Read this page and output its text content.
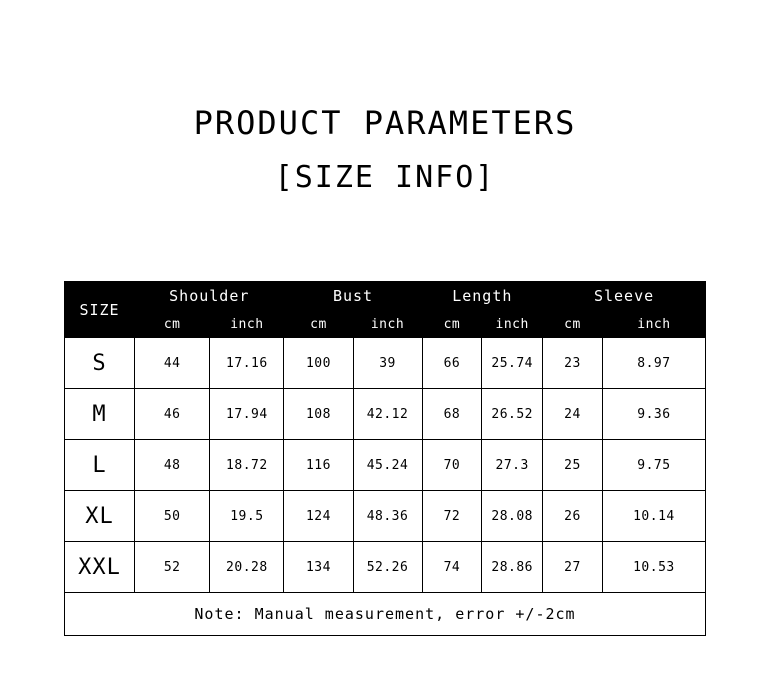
PRODUCT PARAMETERS
[SIZE INFO]
SIZE	Shoulder		Bust		Length		Sleeve	
	cm	inch	cm	inch	cm	inch	cm	inch
S	44	17.16	100	39	66	25.74	23	8.97
M	46	17.94	108	42.12	68	26.52	24	9.36
L	48	18.72	116	45.24	70	27.3	25	9.75
XL	50	19.5	124	48.36	72	28.08	26	10.14
XXL	52	20.28	134	52.26	74	28.86	27	10.53
Note: Manual measurement, error +/-2cm								
